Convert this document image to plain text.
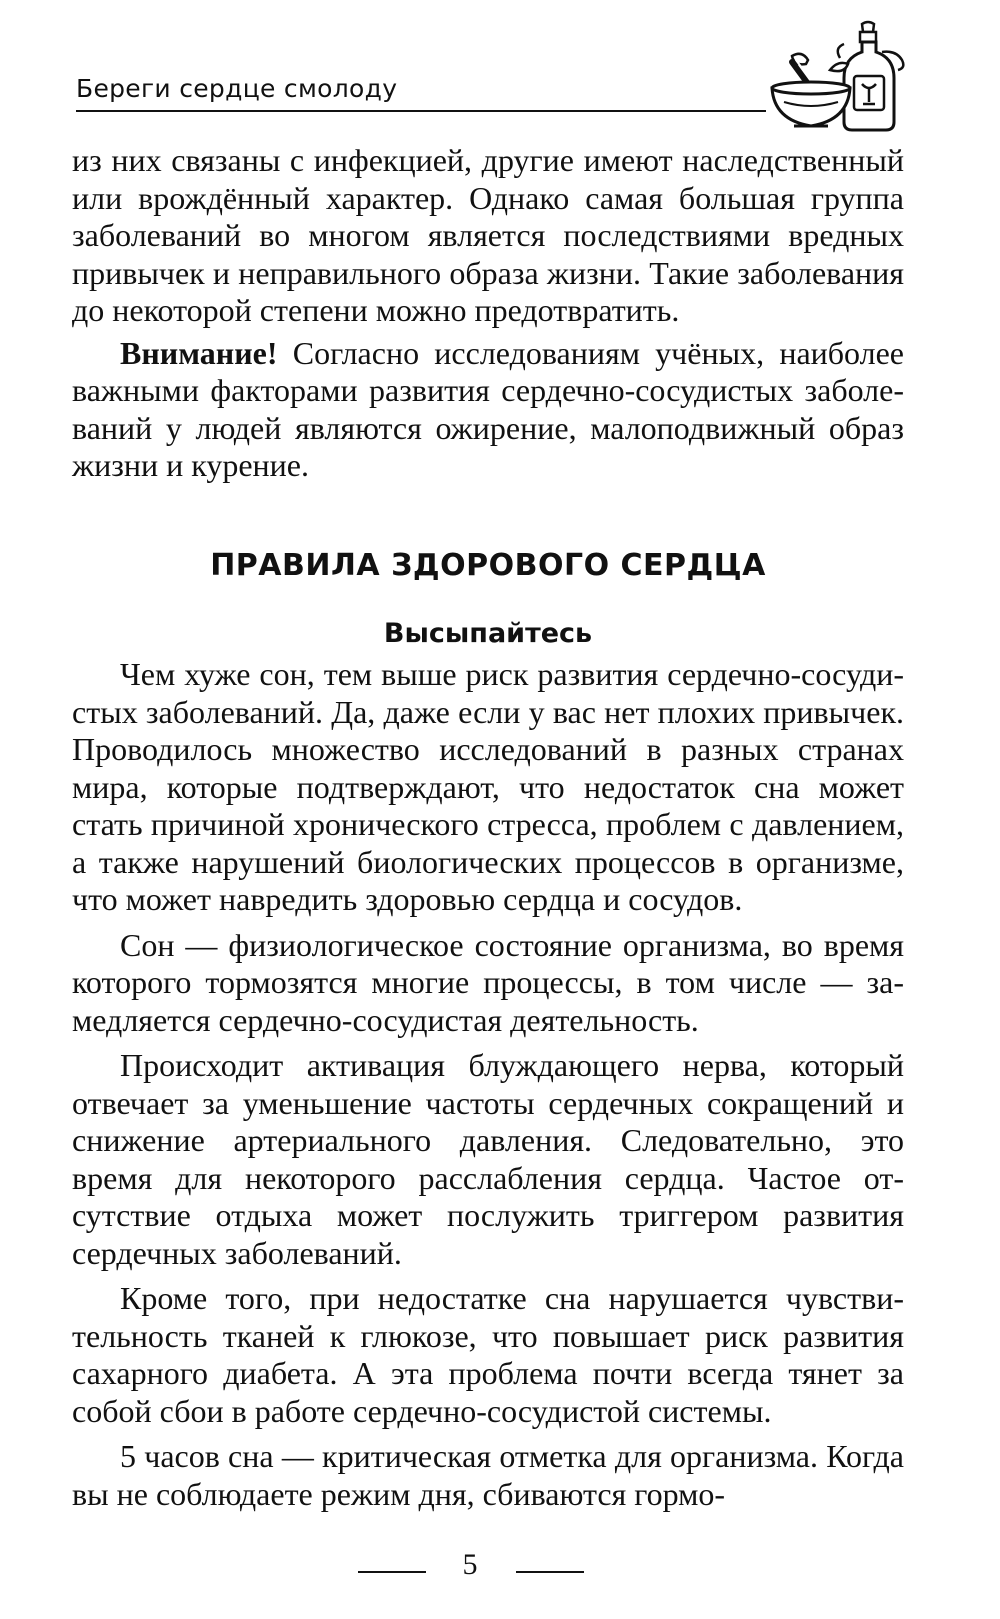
Береги сердце смолоду

из них связаны с инфекцией, другие имеют наследственный или врождённый характер. Однако самая большая группа заболеваний во многом является последствиями вредных привычек и неправильного образа жизни. Такие заболевания до некоторой степени можно предотвратить.

Внимание! Согласно исследованиям учёных, наиболее важными факторами развития сердечно-сосудистых заболеваний у людей являются ожирение, малоподвижный образ жизни и курение.

ПРАВИЛА ЗДОРОВОГО СЕРДЦА
Высыпайтесь

Чем хуже сон, тем выше риск развития сердечно-сосудистых заболеваний. Да, даже если у вас нет плохих привычек. Проводилось множество исследований в разных странах мира, которые подтверждают, что недостаток сна может стать причиной хронического стресса, проблем с давлением, а также нарушений биологических процессов в организме, что может навредить здоровью сердца и сосудов.

Сон — физиологическое состояние организма, во время которого тормозятся многие процессы, в том числе — замедляется сердечно-сосудистая деятельность.

Происходит активация блуждающего нерва, который отвечает за уменьшение частоты сердечных сокращений и снижение артериального давления. Следовательно, это время для некоторого расслабления сердца. Частое отсутствие отдыха может послужить триггером развития сердечных заболеваний.

Кроме того, при недостатке сна нарушается чувствительность тканей к глюкозе, что повышает риск развития сахарного диабета. А эта проблема почти всегда тянет за собой сбои в работе сердечно-сосудистой системы.

5 часов сна — критическая отметка для организма. Когда вы не соблюдаете режим дня, сбиваются гормо-

5
